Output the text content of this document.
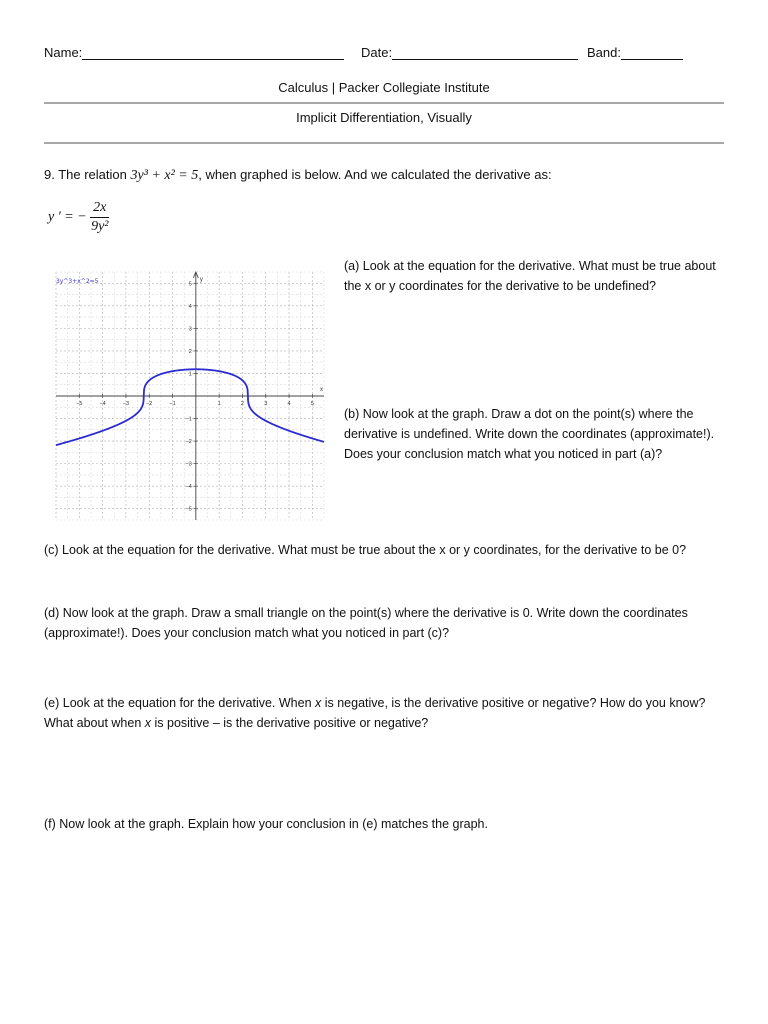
Name:	Date:	Band:
Calculus | Packer Collegiate Institute
Implicit Differentiation, Visually
9. The relation 3y³ + x² = 5, when graphed is below. And we calculated the derivative as:
y ′ = − $\frac{2x}{\text{9y²}}$
x
y
−5	−4	−3	−2	−1	1	2	3	4	5
5
4
3
2
1
−1
−2
−3
−4
−5
3y^3+x^2=5
(a) Look at the equation for the derivative. What must be true about the x or y coordinates for the derivative to be undefined?
(b) Now look at the graph. Draw a dot on the point(s) where the derivative is undefined. Write down the coordinates (approximate!). Does your conclusion match what you noticed in part (a)?
(c) Look at the equation for the derivative. What must be true about the x or y coordinates, for the derivative to be 0?
(d) Now look at the graph. Draw a small triangle on the point(s) where the derivative is 0. Write down the coordinates (approximate!). Does your conclusion match what you noticed in part (c)?
(e) Look at the equation for the derivative. When x is negative, is the derivative positive or negative? How do you know? What about when x is positive – is the derivative positive or negative?
(f) Now look at the graph. Explain how your conclusion in (e) matches the graph.
